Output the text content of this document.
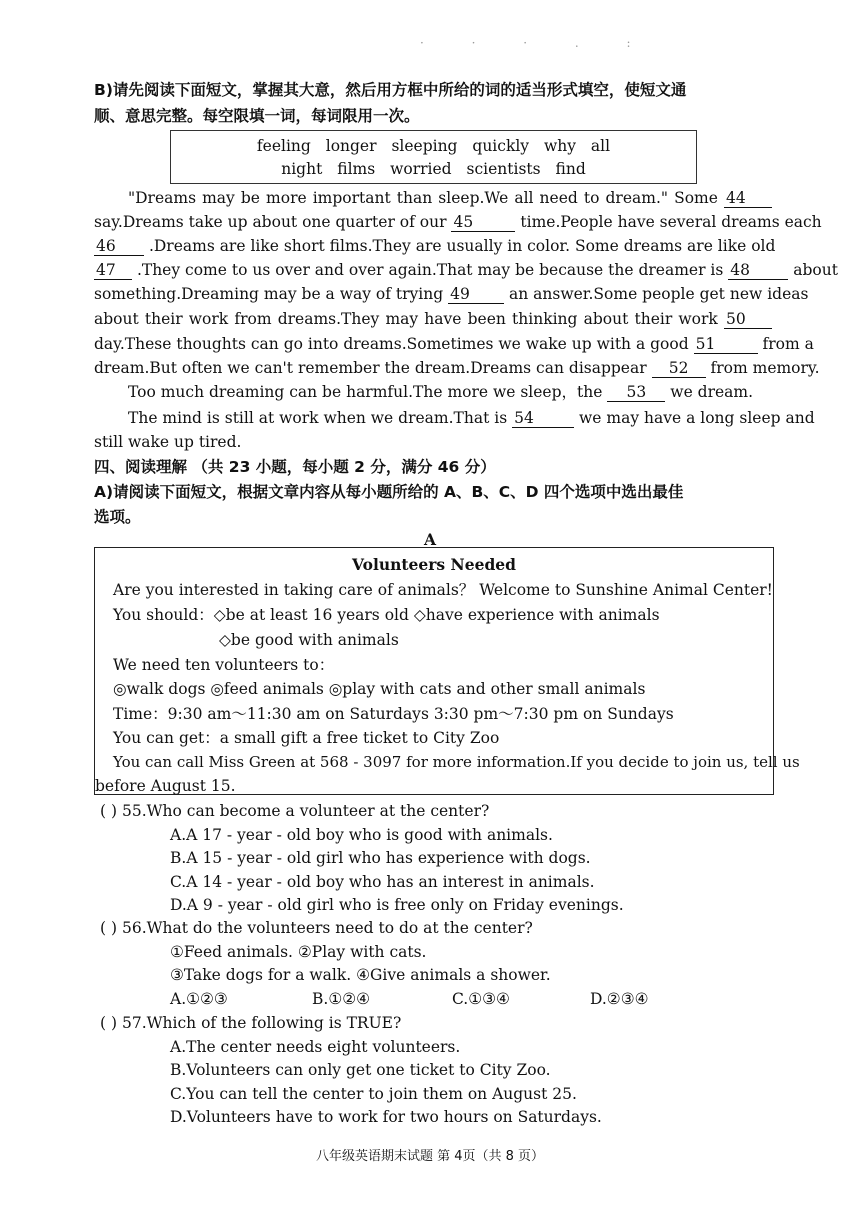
· · · . :
B)请先阅读下面短文，掌握其大意，然后用方框中所给的词的适当形式填空，使短文通
顺、意思完整。每空限填一词，每词限用一次。
feeling longer sleeping quickly why all
night films worried scientists find
"Dreams may be more important than sleep.We all need to dream." Some 44
say.Dreams take up about one quarter of our 45	time.People have several dreams each
46 .Dreams are like short films.They are usually in color. Some dreams are like old
47 .They come to us over and over again.That may be because the dreamer is 48	about
something.Dreaming may be a way of trying 49	an answer.Some people get new ideas
about their work from dreams.They may have been thinking about their work 50
day.These thoughts can go into dreams.Sometimes we wake up with a good 51	from a
dream.But often we can't remember the dream.Dreams can disappear 52 from memory.
Too much dreaming can be harmful.The more we sleep，the 53 we dream.
The mind is still at work when we dream.That is 54	we may have a long sleep and
still wake up tired.
四、阅读理解 （共 23 小题，每小题 2 分，满分 46 分）
A)请阅读下面短文，根据文章内容从每小题所给的 A、B、C、D 四个选项中选出最佳
选项。
A
Volunteers Needed
Are you interested in taking care of animals？ Welcome to Sunshine Animal Center!
You should：◇be at least 16 years old ◇have experience with animals
◇be good with animals
We need ten volunteers to：
◎walk dogs ◎feed animals ◎play with cats and other small animals
Time：9:30 am～11:30 am on Saturdays 3:30 pm～7:30 pm on Sundays
You can get：a small gift a free ticket to City Zoo
You can call Miss Green at 568 - 3097 for more information.If you decide to join us, tell us
before August 15.
( ) 55.Who can become a volunteer at the center?
A.A 17 - year - old boy who is good with animals.
B.A 15 - year - old girl who has experience with dogs.
C.A 14 - year - old boy who has an interest in animals.
D.A 9 - year - old girl who is free only on Friday evenings.
( ) 56.What do the volunteers need to do at the center?
①Feed animals. ②Play with cats.
③Take dogs for a walk. ④Give animals a shower.
A.①②③	B.①②④	C.①③④	D.②③④
( ) 57.Which of the following is TRUE?
A.The center needs eight volunteers.
B.Volunteers can only get one ticket to City Zoo.
C.You can tell the center to join them on August 25.
D.Volunteers have to work for two hours on Saturdays.
八年级英语期末试题 第 4页（共 8 页）
